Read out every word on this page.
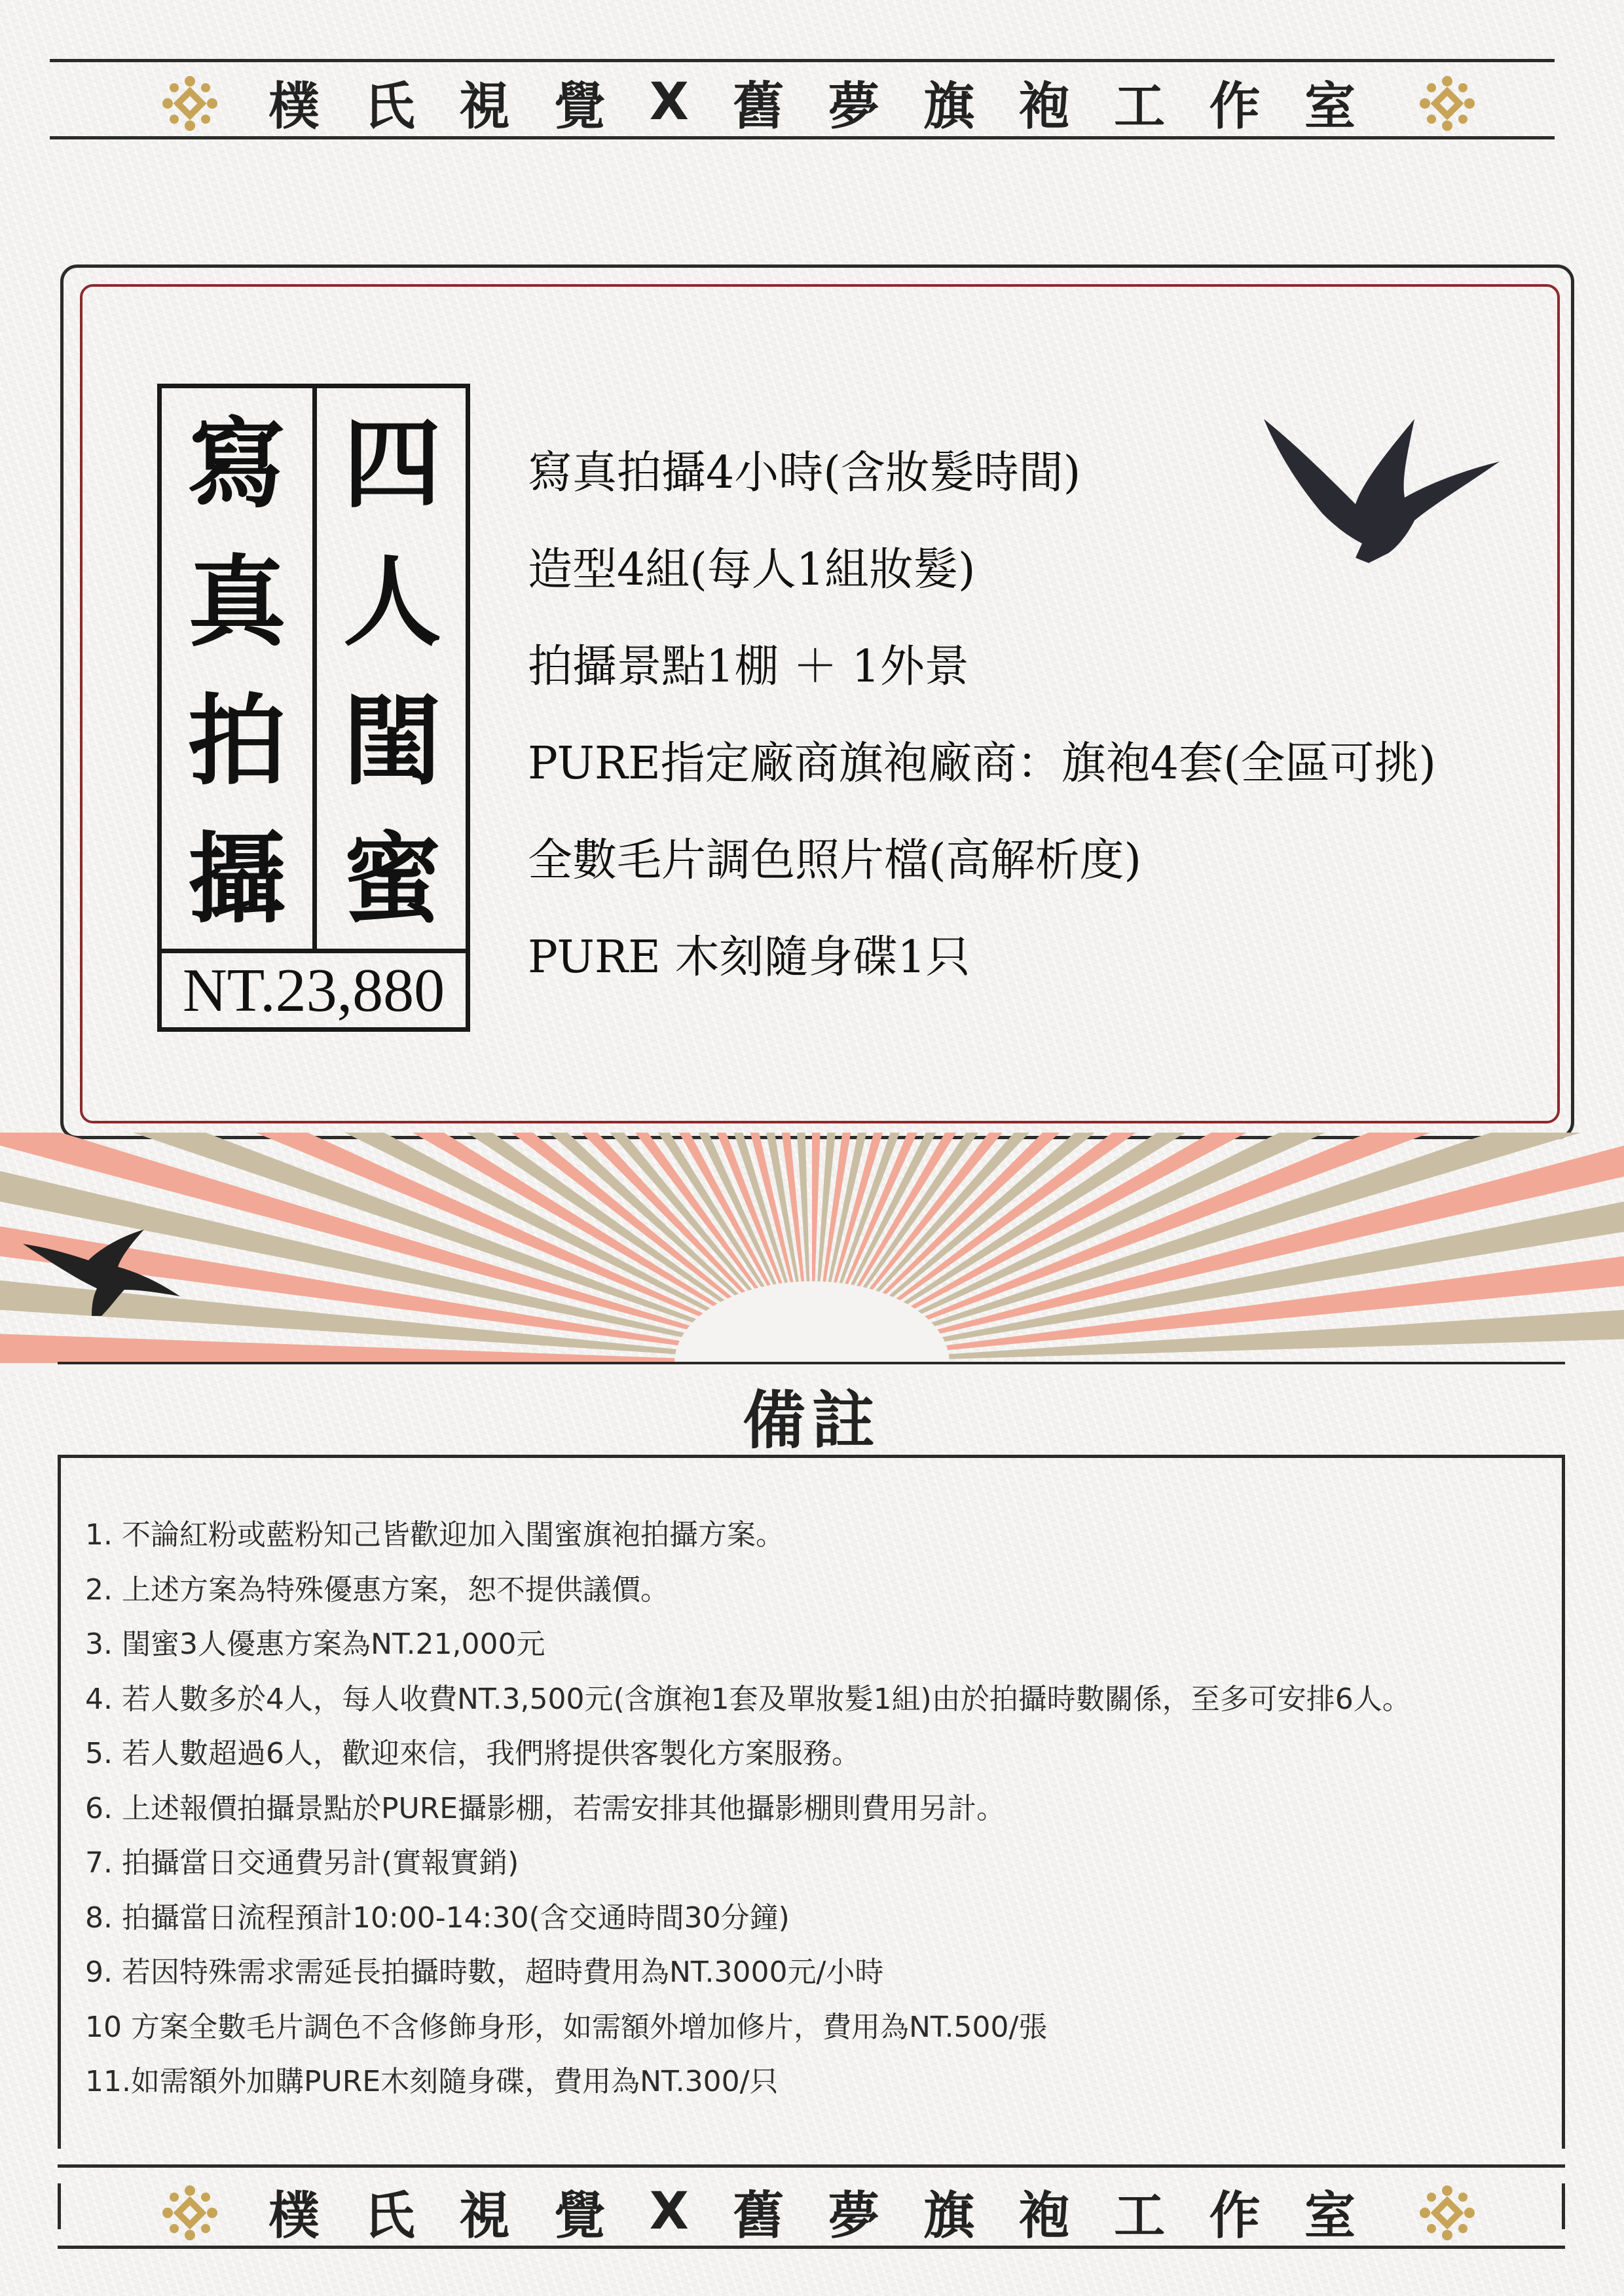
樸 氏 視 覺 X 舊 夢 旗 袍 工 作 室
寫
真
拍
攝
四
人
閨
蜜
NT.23,880
寫真拍攝4小時(含妝髮時間)
造型4組(每人1組妝髮)
拍攝景點1棚 ＋ 1外景
PURE指定廠商旗袍廠商：旗袍4套(全區可挑)
全數毛片調色照片檔(高解析度)
PURE 木刻隨身碟1只
備註
1. 不論紅粉或藍粉知己皆歡迎加入閨蜜旗袍拍攝方案。
2. 上述方案為特殊優惠方案，恕不提供議價。
3. 閨蜜3人優惠方案為NT.21,000元
4. 若人數多於4人，每人收費NT.3,500元(含旗袍1套及單妝髮1組)由於拍攝時數關係，至多可安排6人。
5. 若人數超過6人，歡迎來信，我們將提供客製化方案服務。
6. 上述報價拍攝景點於PURE攝影棚，若需安排其他攝影棚則費用另計。
7. 拍攝當日交通費另計(實報實銷)
8. 拍攝當日流程預計10:00-14:30(含交通時間30分鐘)
9. 若因特殊需求需延長拍攝時數，超時費用為NT.3000元/小時
10 方案全數毛片調色不含修飾身形，如需額外增加修片，費用為NT.500/張
11.如需額外加購PURE木刻隨身碟，費用為NT.300/只
樸 氏 視 覺 X 舊 夢 旗 袍 工 作 室
